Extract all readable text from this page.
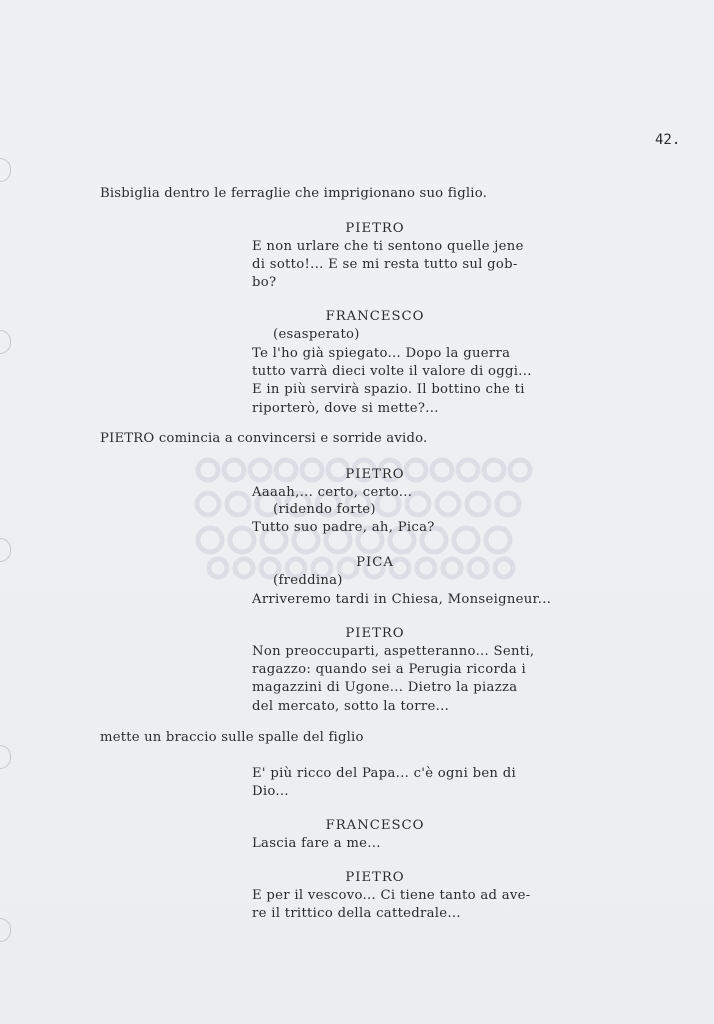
42.
Bisbiglia dentro le ferraglie che imprigionano suo figlio.
PIETRO
E non urlare che ti sentono quelle jene
di sotto!... E se mi resta tutto sul gob-
bo?
FRANCESCO
(esasperato)
Te l'ho già spiegato... Dopo la guerra
tutto varrà dieci volte il valore di oggi...
E in più servirà spazio. Il bottino che ti
riporterò, dove si mette?...
PIETRO comincia a convincersi e sorride avido.
PIETRO
Aaaah,... certo, certo...
(ridendo forte)
Tutto suo padre, ah, Pica?
PICA
(freddina)
Arriveremo tardi in Chiesa, Monseigneur...
PIETRO
Non preoccuparti, aspetteranno... Senti,
ragazzo: quando sei a Perugia ricorda i
magazzini di Ugone... Dietro la piazza
del mercato, sotto la torre...
mette un braccio sulle spalle del figlio
E' più ricco del Papa... c'è ogni ben di
Dio...
FRANCESCO
Lascia fare a me...
PIETRO
E per il vescovo... Ci tiene tanto ad ave-
re il trittico della cattedrale...
